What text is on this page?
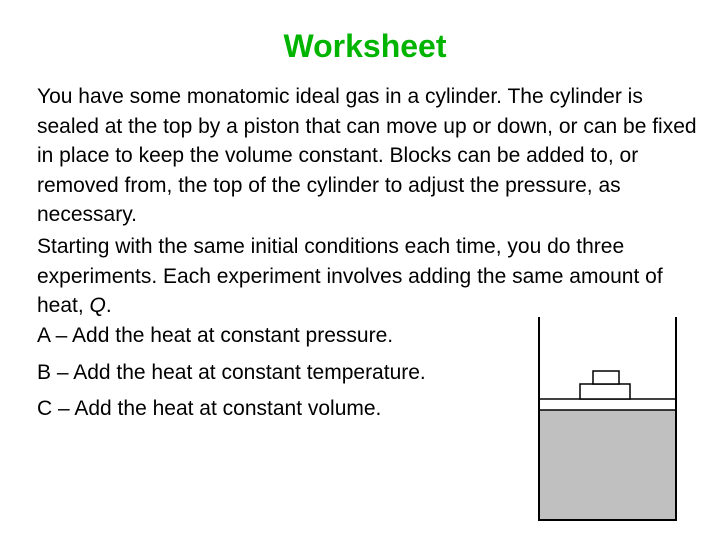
Worksheet

You have some monatomic ideal gas in a cylinder. The cylinder is sealed at the top by a piston that can move up or down, or can be fixed in place to keep the volume constant. Blocks can be added to, or removed from, the top of the cylinder to adjust the pressure, as necessary.

Starting with the same initial conditions each time, you do three experiments. Each experiment involves adding the same amount of heat, Q.

A – Add the heat at constant pressure.
B – Add the heat at constant temperature.
C – Add the heat at constant volume.
